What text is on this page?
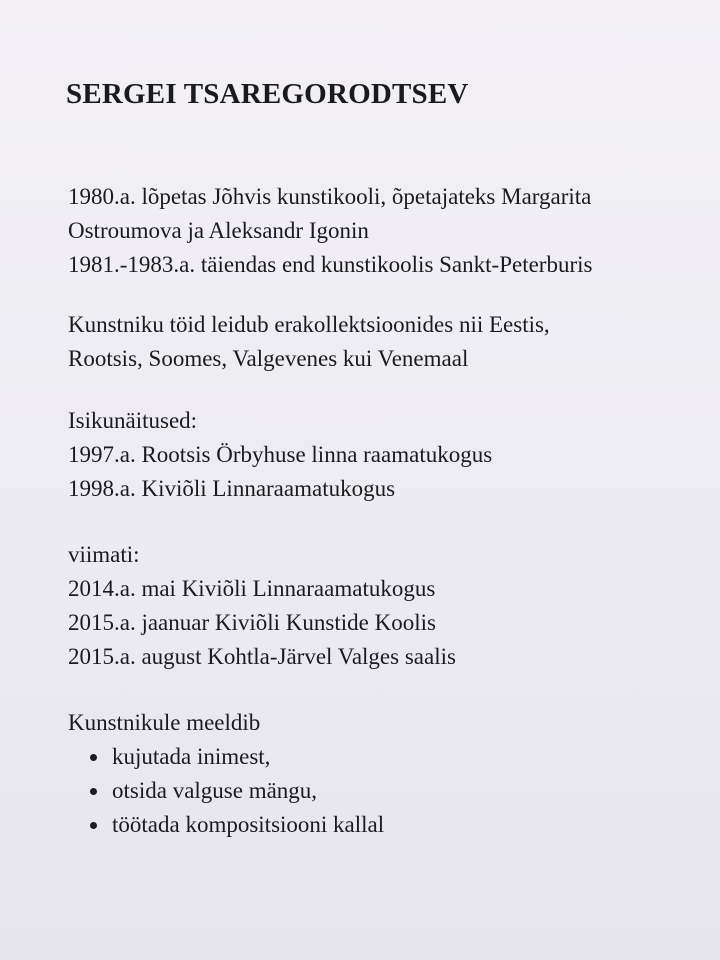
SERGEI TSAREGORODTSEV
1980.a. lõpetas Jõhvis kunstikooli, õpetajateks Margarita
Ostroumova ja Aleksandr Igonin
1981.-1983.a. täiendas end kunstikoolis Sankt-Peterburis
Kunstniku töid leidub erakollektsioonides nii Eestis,
Rootsis, Soomes, Valgevenes kui Venemaal
Isikunäitused:
1997.a. Rootsis Örbyhuse linna raamatukogus
1998.a. Kiviõli Linnaraamatukogus
viimati:
2014.a. mai Kiviõli Linnaraamatukogus
2015.a. jaanuar Kiviõli Kunstide Koolis
2015.a. august Kohtla-Järvel Valges saalis
Kunstnikule meeldib
kujutada inimest,
otsida valguse mängu,
töötada kompositsiooni kallal
